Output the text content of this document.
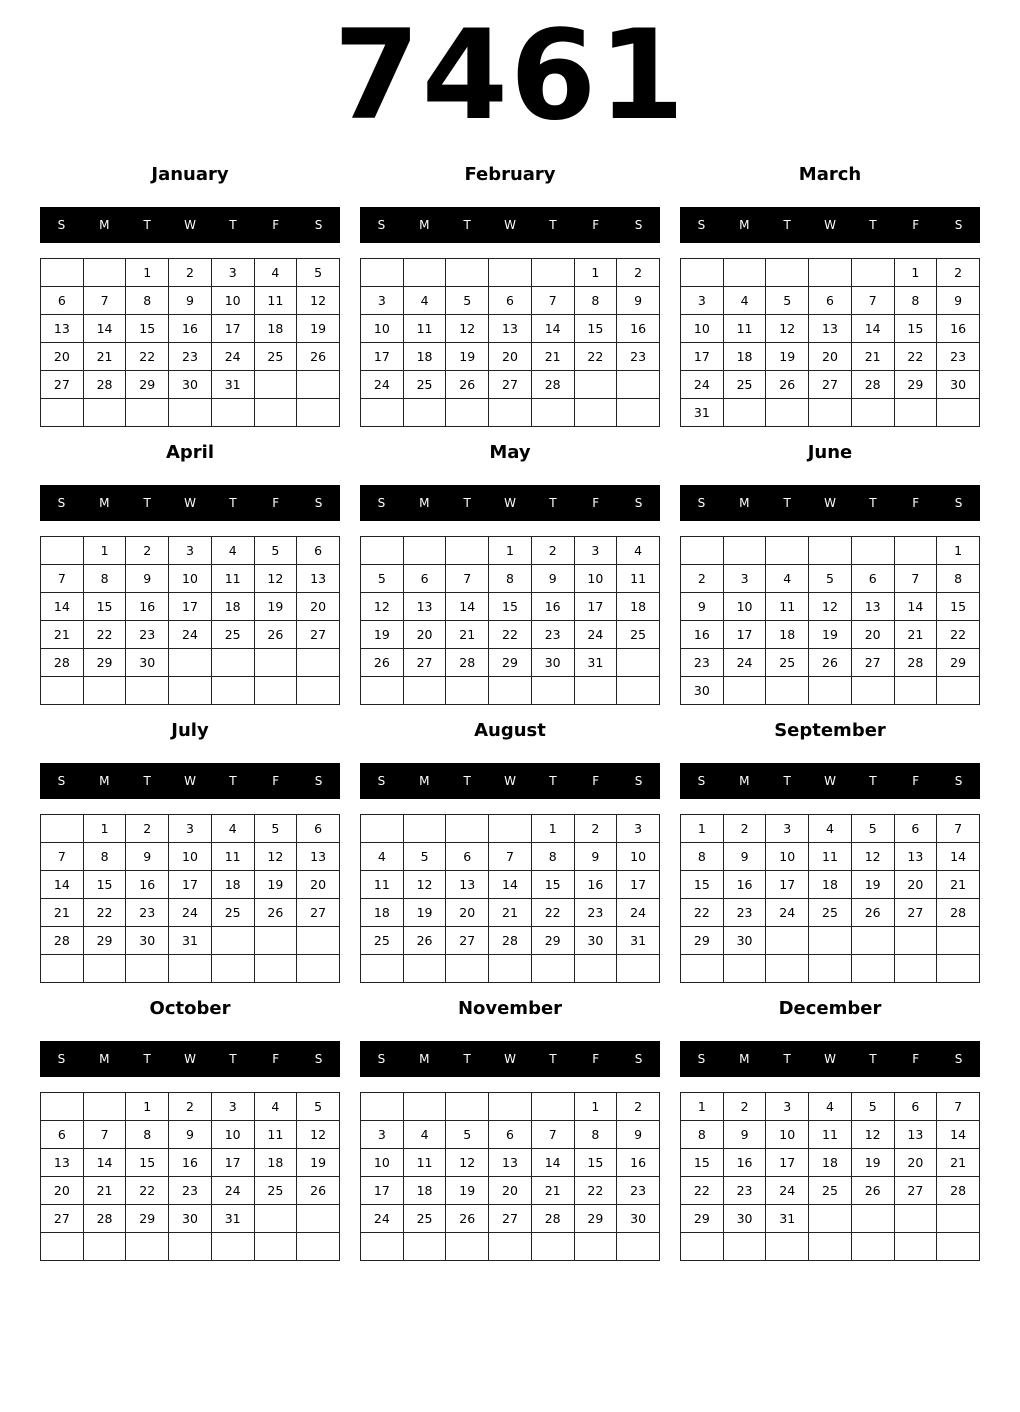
7461
January
S	M	T	W	T	F	S
		1	2	3	4	5
6	7	8	9	10	11	12
13	14	15	16	17	18	19
20	21	22	23	24	25	26
27	28	29	30	31		

February
S	M	T	W	T	F	S
					1	2
3	4	5	6	7	8	9
10	11	12	13	14	15	16
17	18	19	20	21	22	23
24	25	26	27	28		

March
S	M	T	W	T	F	S
					1	2
3	4	5	6	7	8	9
10	11	12	13	14	15	16
17	18	19	20	21	22	23
24	25	26	27	28	29	30
31						
April
S	M	T	W	T	F	S
	1	2	3	4	5	6
7	8	9	10	11	12	13
14	15	16	17	18	19	20
21	22	23	24	25	26	27
28	29	30				

May
S	M	T	W	T	F	S
			1	2	3	4
5	6	7	8	9	10	11
12	13	14	15	16	17	18
19	20	21	22	23	24	25
26	27	28	29	30	31	

June
S	M	T	W	T	F	S
						1
2	3	4	5	6	7	8
9	10	11	12	13	14	15
16	17	18	19	20	21	22
23	24	25	26	27	28	29
30						
July
S	M	T	W	T	F	S
	1	2	3	4	5	6
7	8	9	10	11	12	13
14	15	16	17	18	19	20
21	22	23	24	25	26	27
28	29	30	31			

August
S	M	T	W	T	F	S
				1	2	3
4	5	6	7	8	9	10
11	12	13	14	15	16	17
18	19	20	21	22	23	24
25	26	27	28	29	30	31

September
S	M	T	W	T	F	S
1	2	3	4	5	6	7
8	9	10	11	12	13	14
15	16	17	18	19	20	21
22	23	24	25	26	27	28
29	30					

October
S	M	T	W	T	F	S
		1	2	3	4	5
6	7	8	9	10	11	12
13	14	15	16	17	18	19
20	21	22	23	24	25	26
27	28	29	30	31		

November
S	M	T	W	T	F	S
					1	2
3	4	5	6	7	8	9
10	11	12	13	14	15	16
17	18	19	20	21	22	23
24	25	26	27	28	29	30

December
S	M	T	W	T	F	S
1	2	3	4	5	6	7
8	9	10	11	12	13	14
15	16	17	18	19	20	21
22	23	24	25	26	27	28
29	30	31				
